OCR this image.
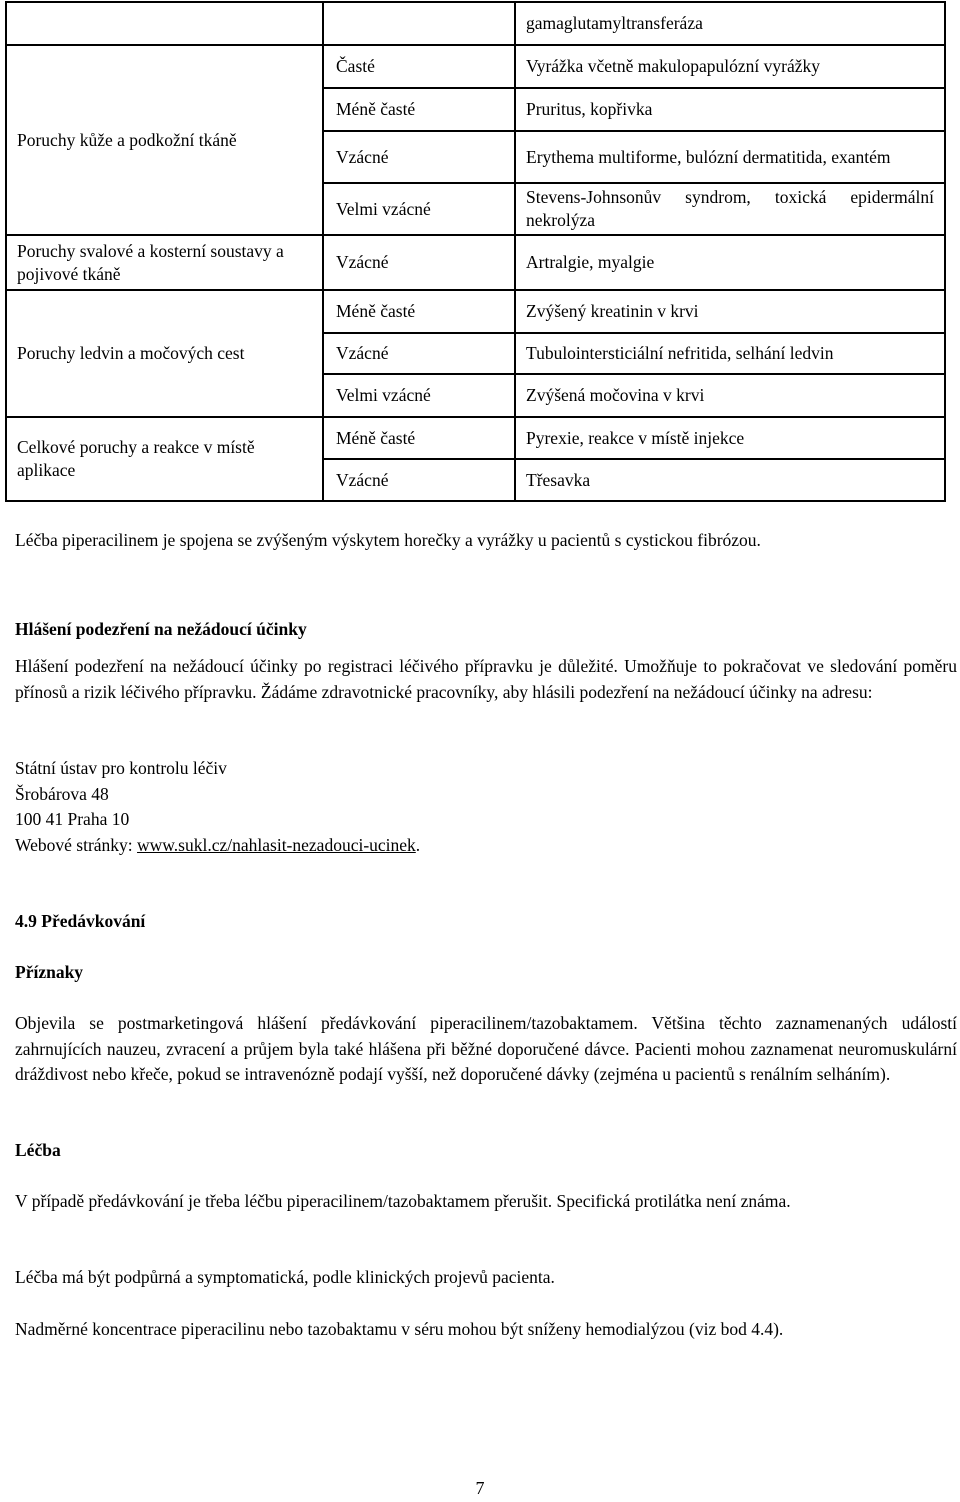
		gamaglutamyltransferáza
Poruchy kůže a podkožní tkáně	Časté	Vyrážka včetně makulopapulózní vyrážky
	Méně časté	Pruritus, kopřivka
	Vzácné	Erythema multiforme, bulózní dermatitida, exantém
	Velmi vzácné	Stevens-Johnsonův syndrom, toxická epidermální nekrolýza
Poruchy svalové a kosterní soustavy a pojivové tkáně	Vzácné	Artralgie, myalgie
Poruchy ledvin a močových cest	Méně časté	Zvýšený kreatinin v krvi
	Vzácné	Tubulointersticiální nefritida, selhání ledvin
	Velmi vzácné	Zvýšená močovina v krvi
Celkové poruchy a reakce v místě aplikace	Méně časté	Pyrexie, reakce v místě injekce
	Vzácné	Třesavka
Léčba piperacilinem je spojena se zvýšeným výskytem horečky a vyrážky u pacientů s cystickou fibrózou.
Hlášení podezření na nežádoucí účinky
Hlášení podezření na nežádoucí účinky po registraci léčivého přípravku je důležité. Umožňuje to pokračovat ve sledování poměru přínosů a rizik léčivého přípravku. Žádáme zdravotnické pracovníky, aby hlásili podezření na nežádoucí účinky na adresu:
Státní ústav pro kontrolu léčiv
Šrobárova 48
100 41 Praha 10
Webové stránky: www.sukl.cz/nahlasit-nezadouci-ucinek.
4.9 Předávkování
Příznaky
Objevila se postmarketingová hlášení předávkování piperacilinem/tazobaktamem. Většina těchto zaznamenaných událostí zahrnujících nauzeu, zvracení a průjem byla také hlášena při běžné doporučené dávce. Pacienti mohou zaznamenat neuromuskulární dráždivost nebo křeče, pokud se intravenózně podají vyšší, než doporučené dávky (zejména u pacientů s renálním selháním).
Léčba
V případě předávkování je třeba léčbu piperacilinem/tazobaktamem přerušit. Specifická protilátka není známa.
Léčba má být podpůrná a symptomatická, podle klinických projevů pacienta.
Nadměrné koncentrace piperacilinu nebo tazobaktamu v séru mohou být sníženy hemodialýzou (viz bod 4.4).
7
